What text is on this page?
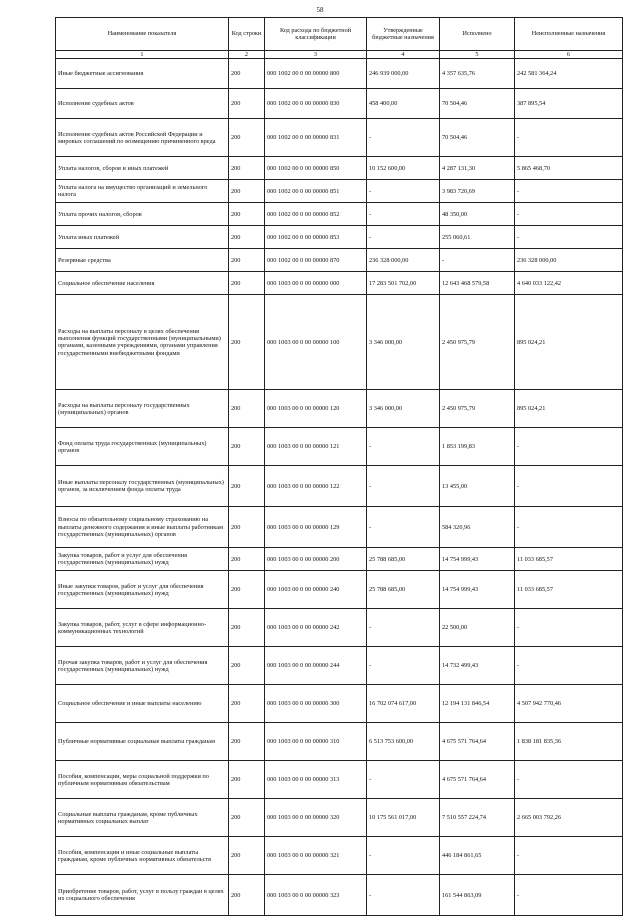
58
Наименование показателя	Код строки	Код расхода по бюджетной классификации	Утвержденные бюджетные назначения	Исполнено	Неисполненные назначения
1	2	3	4	5	6
Иные бюджетные ассигнования	200	000 1002 00 0 00 00000 800	246 939 000,00	4 357 635,76	242 581 364,24
Исполнение судебных актов	200	000 1002 00 0 00 00000 830	458 400,00	70 504,46	387 895,54
Исполнение судебных актов Российской Федерации и мировых соглашений по возмещению причиненного вреда	200	000 1002 00 0 00 00000 831	-	70 504,46	-
Уплата налогов, сборов и иных платежей	200	000 1002 00 0 00 00000 850	10 152 600,00	4 287 131,30	5 865 468,70
Уплата налога на имущество организаций и земельного налога	200	000 1002 00 0 00 00000 851	-	3 983 720,69	-
Уплата прочих налогов, сборов	200	000 1002 00 0 00 00000 852	-	48 350,00	-
Уплата иных платежей	200	000 1002 00 0 00 00000 853	-	255 060,61	-
Резервные средства	200	000 1002 00 0 00 00000 870	236 328 000,00	-	236 328 000,00
Социальное обеспечение населения	200	000 1003 00 0 00 00000 000	17 283 501 702,00	12 643 468 579,58	4 640 033 122,42
Расходы на выплаты персоналу в целях обеспечения выполнения функций государственными (муниципальными) органами, казенными учреждениями, органами управления государственными внебюджетными фондами	200	000 1003 00 0 00 00000 100	3 346 000,00	2 450 975,79	895 024,21
Расходы на выплаты персоналу государственных (муниципальных) органов	200	000 1003 00 0 00 00000 120	3 346 000,00	2 450 975,79	895 024,21
Фонд оплаты труда государственных (муниципальных) органов	200	000 1003 00 0 00 00000 121	-	1 853 199,83	-
Иные выплаты персоналу государственных (муниципальных) органов, за исключением фонда оплаты труда	200	000 1003 00 0 00 00000 122	-	13 455,00	-
Взносы по обязательному социальному страхованию на выплаты денежного содержания и иные выплаты работникам государственных (муниципальных) органов	200	000 1003 00 0 00 00000 129	-	584 320,96	-
Закупка товаров, работ и услуг для обеспечения государственных (муниципальных) нужд	200	000 1003 00 0 00 00000 200	25 788 685,00	14 754 999,43	11 033 685,57
Иные закупки товаров, работ и услуг для обеспечения государственных (муниципальных) нужд	200	000 1003 00 0 00 00000 240	25 788 685,00	14 754 999,43	11 033 685,57
Закупка товаров, работ, услуг в сфере информационно-коммуникационных технологий	200	000 1003 00 0 00 00000 242	-	22 500,00	-
Прочая закупка товаров, работ и услуг для обеспечения государственных (муниципальных) нужд	200	000 1003 00 0 00 00000 244	-	14 732 499,43	-
Социальное обеспечение и иные выплаты населению	200	000 1003 00 0 00 00000 300	16 702 074 617,00	12 194 131 846,54	4 507 942 770,46
Публичные нормативные социальные выплаты гражданам	200	000 1003 00 0 00 00000 310	6 513 753 600,00	4 675 571 764,64	1 838 181 835,36
Пособия, компенсации, меры социальной поддержки по публичным нормативным обязательствам	200	000 1003 00 0 00 00000 313	-	4 675 571 764,64	-
Социальные выплаты гражданам, кроме публичных нормативных социальных выплат	200	000 1003 00 0 00 00000 320	10 175 561 017,00	7 510 557 224,74	2 665 003 792,26
Пособия, компенсации и иные социальные выплаты гражданам, кроме публичных нормативных обязательств	200	000 1003 00 0 00 00000 321	-	446 184 861,65	-
Приобретение товаров, работ, услуг в пользу граждан в целях их социального обеспечения	200	000 1003 00 0 00 00000 323	-	161 544 863,09	-
